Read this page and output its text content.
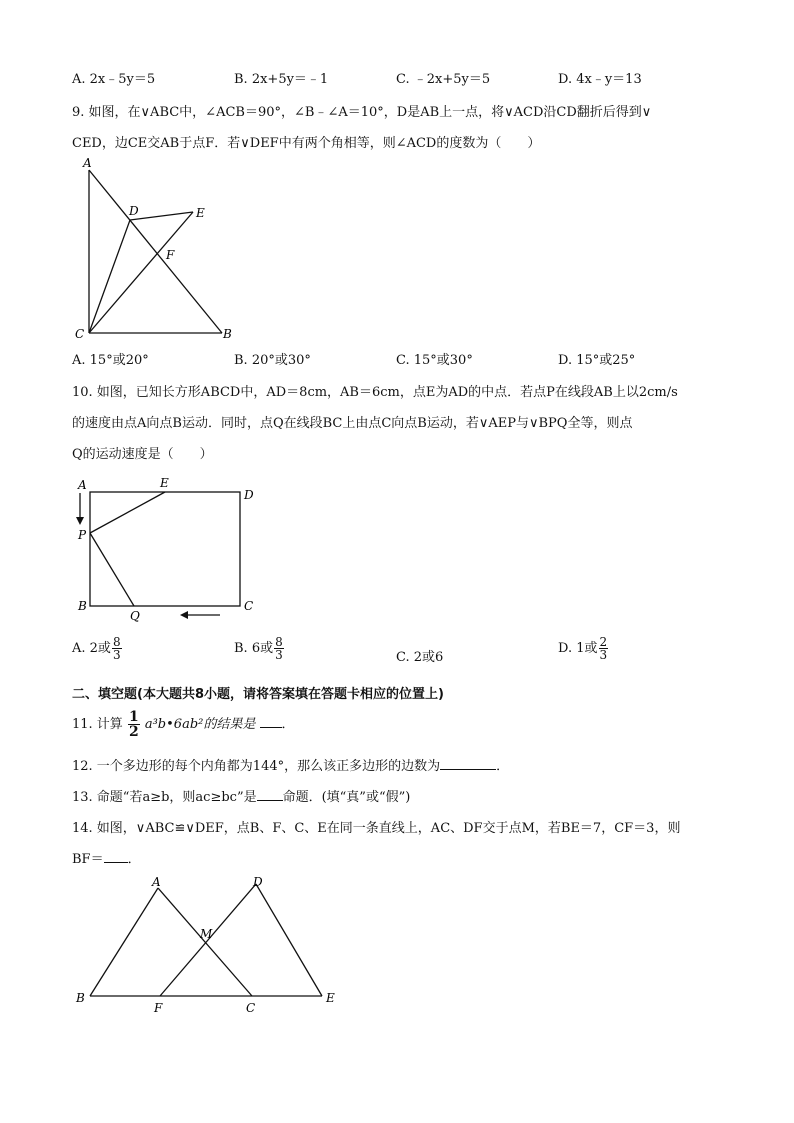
A. 2x﹣5y＝5	B. 2x+5y＝﹣1	C. ﹣2x+5y＝5	D. 4x﹣y＝13
9. 如图，在∨ABC中，∠ACB＝90°，∠B﹣∠A＝10°，D是AB上一点，将∨ACD沿CD翻折后得到∨
CED，边CE交AB于点F．若∨DEF中有两个角相等，则∠ACD的度数为（　　）
A
D	E
F
C	B
A. 15°或20°	B. 20°或30°	C. 15°或30°	D. 15°或25°
10. 如图，已知长方形ABCD中，AD＝8cm，AB＝6cm，点E为AD的中点．若点P在线段AB上以2cm/s
的速度由点A向点B运动．同时，点Q在线段BC上由点C向点B运动，若∨AEP与∨BPQ全等，则点
Q的运动速度是（　　）
A	E
D
P
B
Q
C
A. 2或 $\frac{8}{3}$	B. 6或 $\frac{8}{3}$	C. 2或6
D. 1或 $\frac{2}{3}$
二、填空题(本大题共8小题，请将答案填在答题卡相应的位置上)
11. 计算 $\frac{1}{2}$ a³b•6ab²的结果是 ．
12. 一个多边形的每个内角都为144°，那么该正多边形的边数为	．
13. 命题“若a≥b，则ac≥bc”是 命题．(填“真”或“假”)
14. 如图，∨ABC≌∨DEF，点B、F、C、E在同一条直线上，AC、DF交于点M，若BE＝7，CF＝3，则
BF＝ ．
A	D
M
B
F	C
E
